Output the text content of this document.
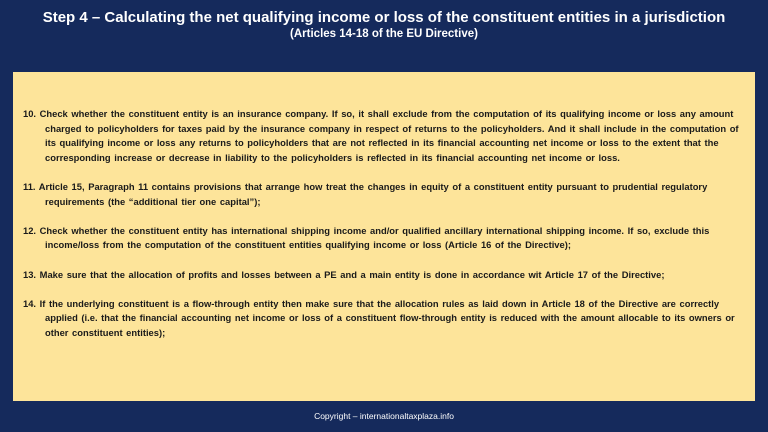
Step 4 – Calculating the net qualifying income or loss of the constituent entities in a jurisdiction
(Articles 14-18 of the EU Directive)

10. Check whether the constituent entity is an insurance company. If so, it shall exclude from the computation of its qualifying income or loss any amount charged to policyholders for taxes paid by the insurance company in respect of returns to the policyholders. And it shall include in the computation of its qualifying income or loss any returns to policyholders that are not reflected in its financial accounting net income or loss to the extent that the corresponding increase or decrease in liability to the policyholders is reflected in its financial accounting net income or loss.

11. Article 15, Paragraph 11 contains provisions that arrange how treat the changes in equity of a constituent entity pursuant to prudential regulatory requirements (the “additional tier one capital”);

12. Check whether the constituent entity has international shipping income and/or qualified ancillary international shipping income. If so, exclude this income/loss from the computation of the constituent entities qualifying income or loss (Article 16 of the Directive);

13. Make sure that the allocation of profits and losses between a PE and a main entity is done in accordance wit Article 17 of the Directive;

14. If the underlying constituent is a flow-through entity then make sure that the allocation rules as laid down in Article 18 of the Directive are correctly applied (i.e. that the financial accounting net income or loss of a constituent flow-through entity is reduced with the amount allocable to its owners or other constituent entities);

Copyright – internationaltaxplaza.info
